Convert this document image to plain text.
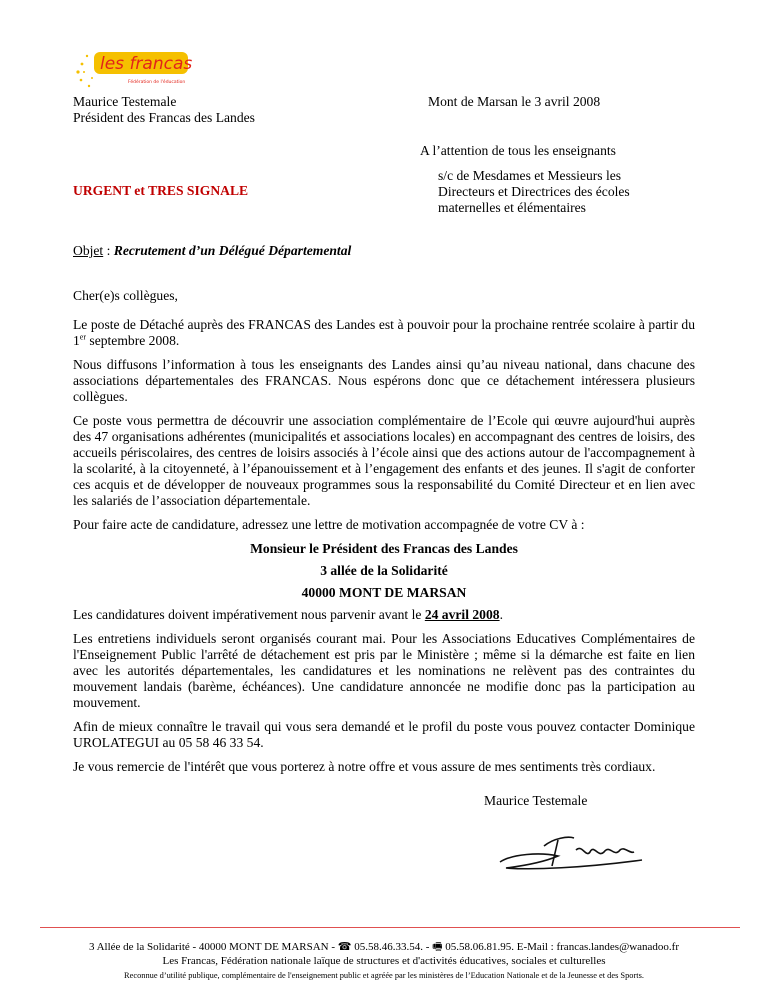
les francas
Fédération de l'éducation
Maurice Testemale
Président des Francas des Landes
Mont de Marsan le 3 avril 2008
A l’attention de tous les enseignants
s/c de Mesdames et Messieurs les
Directeurs et Directrices des écoles
maternelles et élémentaires
URGENT et TRES SIGNALE
Objet : Recrutement d’un Délégué Départemental
Cher(e)s collègues,

Le poste de Détaché auprès des FRANCAS des Landes est à pouvoir pour la prochaine rentrée scolaire à partir du 1er septembre 2008.

Nous diffusons l’information à tous les enseignants des Landes ainsi qu’au niveau national, dans chacune des associations départementales des FRANCAS. Nous espérons donc que ce détachement intéressera plusieurs collègues.

Ce poste vous permettra de découvrir une association complémentaire de l’Ecole qui œuvre aujourd'hui auprès des 47 organisations adhérentes (municipalités et associations locales) en accompagnant des centres de loisirs, des accueils périscolaires, des centres de loisirs associés à l’école ainsi que des actions autour de l'accompagnement à la scolarité, à la citoyenneté, à l’épanouissement et à l’engagement des enfants et des jeunes. Il s'agit de conforter ces acquis et de développer de nouveaux programmes sous la responsabilité du Comité Directeur et en lien avec les salariés de l’association départementale.

Pour faire acte de candidature, adressez une lettre de motivation accompagnée de votre CV à :

Monsieur le Président des Francas des Landes

3 allée de la Solidarité

40000 MONT DE MARSAN

Les candidatures doivent impérativement nous parvenir avant le 24 avril 2008.

Les entretiens individuels seront organisés courant mai. Pour les Associations Educatives Complémentaires de l'Enseignement Public l'arrêté de détachement est pris par le Ministère ; même si la démarche est faite en lien avec les autorités départementales, les candidatures et les nominations ne relèvent pas des contraintes du mouvement landais (barème, échéances). Une candidature annoncée ne modifie donc pas la participation au mouvement.

Afin de mieux connaître le travail qui vous sera demandé et le profil du poste vous pouvez contacter Dominique UROLATEGUI au 05 58 46 33 54.

Je vous remercie de l'intérêt que vous porterez à notre offre et vous assure de mes sentiments très cordiaux.

Maurice Testemale
3 Allée de la Solidarité - 40000 MONT DE MARSAN - ☎ 05.58.46.33.54. - 🖷 05.58.06.81.95. E-Mail : francas.landes@wanadoo.fr
Les Francas, Fédération nationale laïque de structures et d'activités éducatives, sociales et culturelles
Reconnue d’utilité publique, complémentaire de l'enseignement public et agréée par les ministères de l’Education Nationale et de la Jeunesse et des Sports.
